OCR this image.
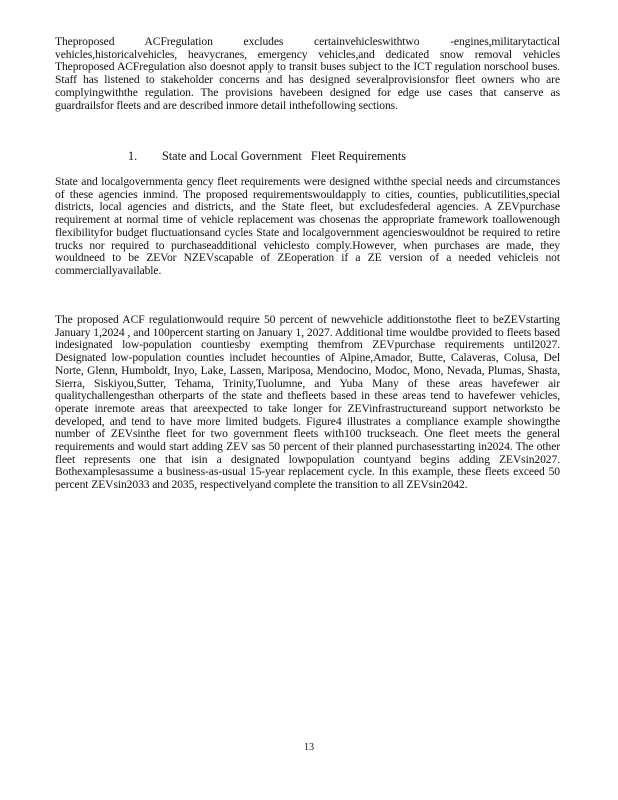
Theproposed ACFregulation excludes certainvehicleswithtwo -engines,militarytactical vehicles,historicalvehicles, heavycranes, emergency vehicles,and dedicated snow removal vehicles Theproposed ACFregulation also doesnot apply to transit buses subject to the ICT regulation norschool buses. Staff has listened to stakeholder concerns and has designed severalprovisionsfor fleet owners who are complyingwiththe regulation. The provisions havebeen designed for edge use cases that canserve as guardrailsfor fleets and are described inmore detail inthefollowing sections.

1. State and Local Government   Fleet Requirements

State and localgovernmenta gency fleet requirements were designed withthe special needs and circumstances of these agencies inmind. The proposed requirementswouldapply to cities, counties, publicutilities,special districts, local agencies and districts, and the State fleet, but excludesfederal agencies. A ZEVpurchase requirement at normal time of vehicle replacement was chosenas the appropriate framework toallowenough flexibilityfor budget fluctuationsand cycles State and localgovernment agencieswouldnot be required to retire trucks nor required to purchaseadditional vehiclesto comply.However, when purchases are made, they wouldneed to be ZEVor NZEVscapable of ZEoperation if a ZE version of a needed vehicleis not commerciallyavailable.

The proposed ACF regulationwould require 50 percent of newvehicle additionstothe fleet to beZEVstarting January 1,2024 , and 100percent starting on January 1, 2027. Additional time wouldbe provided to fleets based indesignated low-population countiesby exempting themfrom ZEVpurchase requirements until2027. Designated low-population counties includet hecounties of Alpine,Amador, Butte, Calaveras, Colusa, Del Norte, Glenn, Humboldt, Inyo, Lake, Lassen, Mariposa, Mendocino, Modoc, Mono, Nevada, Plumas, Shasta, Sierra, Siskiyou,Sutter, Tehama, Trinity,Tuolumne, and Yuba Many of these areas havefewer air qualitychallengesthan otherparts of the state and thefleets based in these areas tend to havefewer vehicles, operate inremote areas that areexpected to take longer for ZEVinfrastructureand support networksto be developed, and tend to have more limited budgets. Figure4 illustrates a compliance example showingthe number of ZEVsinthe fleet for two government fleets with100 truckseach. One fleet meets the general requirements and would start adding ZEV sas 50 percent of their planned purchasesstarting in2024. The other fleet represents one that isin a designated lowpopulation countyand begins adding ZEVsin2027. Bothexamplesassume a business-as-usual 15-year replacement cycle. In this example, these fleets exceed 50 percent ZEVsin2033 and 2035, respectivelyand complete the transition to all ZEVsin2042.

13
